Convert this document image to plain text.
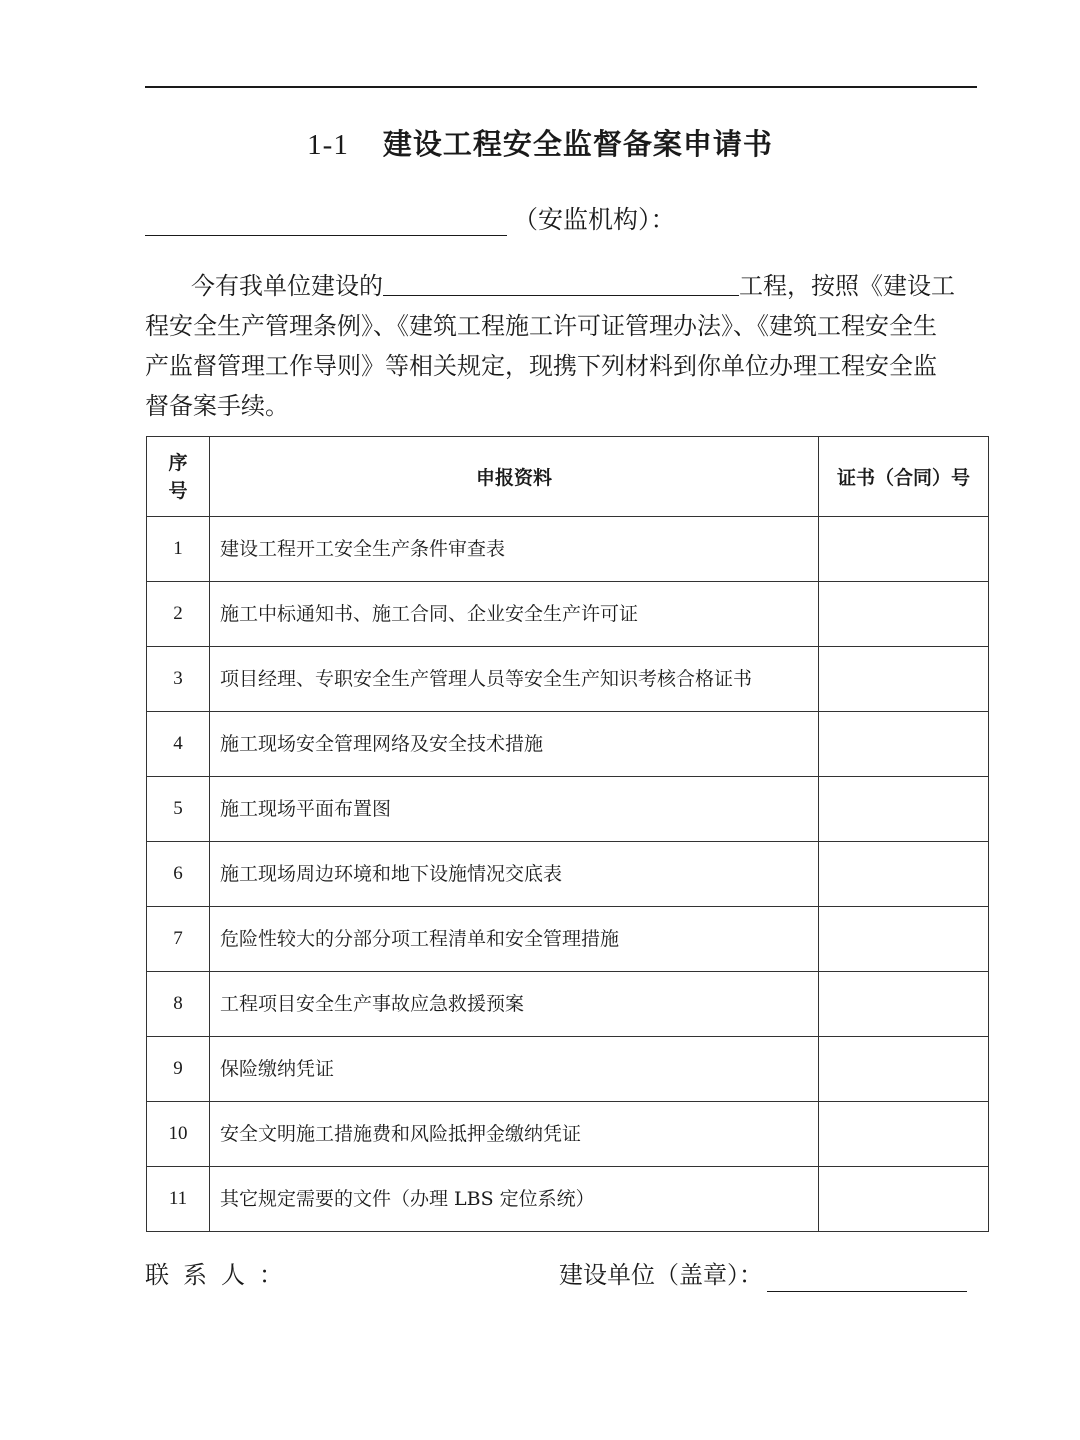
1-1 建设工程安全监督备案申请书
（安监机构）：
今有我单位建设的	工程，按照《建设工
程安全生产管理条例》、《建筑工程施工许可证管理办法》、《建筑工程安全生
产监督管理工作导则》等相关规定，现携下列材料到你单位办理工程安全监
督备案手续。
序
号	申报资料	证书（合同）号
1	建设工程开工安全生产条件审查表	
2	施工中标通知书、施工合同、企业安全生产许可证	
3	项目经理、专职安全生产管理人员等安全生产知识考核合格证书	
4	施工现场安全管理网络及安全技术措施	
5	施工现场平面布置图	
6	施工现场周边环境和地下设施情况交底表	
7	危险性较大的分部分项工程清单和安全管理措施	
8	工程项目安全生产事故应急救援预案	
9	保险缴纳凭证	
10	安全文明施工措施费和风险抵押金缴纳凭证	
11	其它规定需要的文件（办理 LBS 定位系统）	
联系人：	建设单位（盖章）：
